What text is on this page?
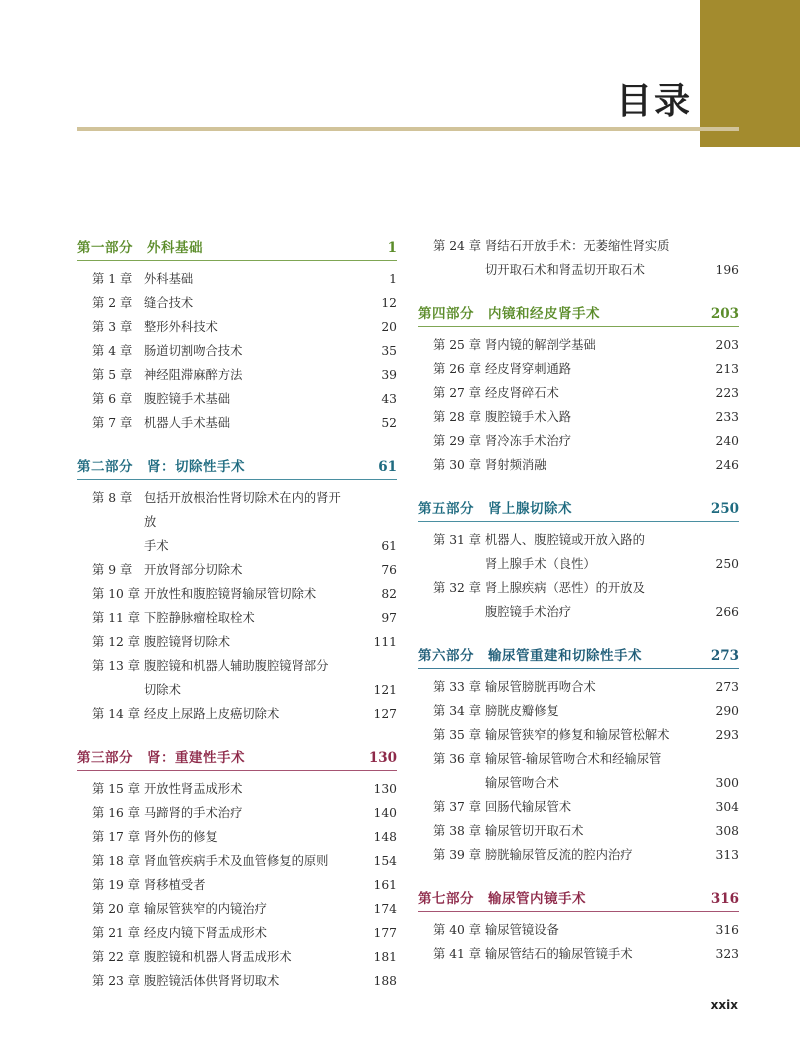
目录
第一部分　外科基础	1
第 1 章 外科基础	1
第 2 章 缝合技术	12
第 3 章 整形外科技术	20
第 4 章 肠道切割吻合技术	35
第 5 章 神经阻滞麻醉方法	39
第 6 章 腹腔镜手术基础	43
第 7 章 机器人手术基础	52
第二部分　肾：切除性手术	61
第 8 章 包括开放根治性肾切除术在内的肾开放
手术	61
第 9 章 开放肾部分切除术	76
第 10 章 开放性和腹腔镜肾输尿管切除术	82
第 11 章 下腔静脉瘤栓取栓术	97
第 12 章 腹腔镜肾切除术	111
第 13 章 腹腔镜和机器人辅助腹腔镜肾部分
切除术	121
第 14 章 经皮上尿路上皮癌切除术	127
第三部分　肾：重建性手术	130
第 15 章 开放性肾盂成形术	130
第 16 章 马蹄肾的手术治疗	140
第 17 章 肾外伤的修复	148
第 18 章 肾血管疾病手术及血管修复的原则	154
第 19 章 肾移植受者	161
第 20 章 输尿管狭窄的内镜治疗	174
第 21 章 经皮内镜下肾盂成形术	177
第 22 章 腹腔镜和机器人肾盂成形术	181
第 23 章 腹腔镜活体供肾肾切取术	188
第 24 章 肾结石开放手术：无萎缩性肾实质
切开取石术和肾盂切开取石术	196
第四部分　内镜和经皮肾手术	203
第 25 章 肾内镜的解剖学基础	203
第 26 章 经皮肾穿刺通路	213
第 27 章 经皮肾碎石术	223
第 28 章 腹腔镜手术入路	233
第 29 章 肾冷冻手术治疗	240
第 30 章 肾射频消融	246
第五部分　肾上腺切除术	250
第 31 章 机器人、腹腔镜或开放入路的
肾上腺手术（良性）	250
第 32 章 肾上腺疾病（恶性）的开放及
腹腔镜手术治疗	266
第六部分　输尿管重建和切除性手术	273
第 33 章 输尿管膀胱再吻合术	273
第 34 章 膀胱皮瓣修复	290
第 35 章 输尿管狭窄的修复和输尿管松解术	293
第 36 章 输尿管-输尿管吻合术和经输尿管
输尿管吻合术	300
第 37 章 回肠代输尿管术	304
第 38 章 输尿管切开取石术	308
第 39 章 膀胱输尿管反流的腔内治疗	313
第七部分　输尿管内镜手术	316
第 40 章 输尿管镜设备	316
第 41 章 输尿管结石的输尿管镜手术	323
xxix
